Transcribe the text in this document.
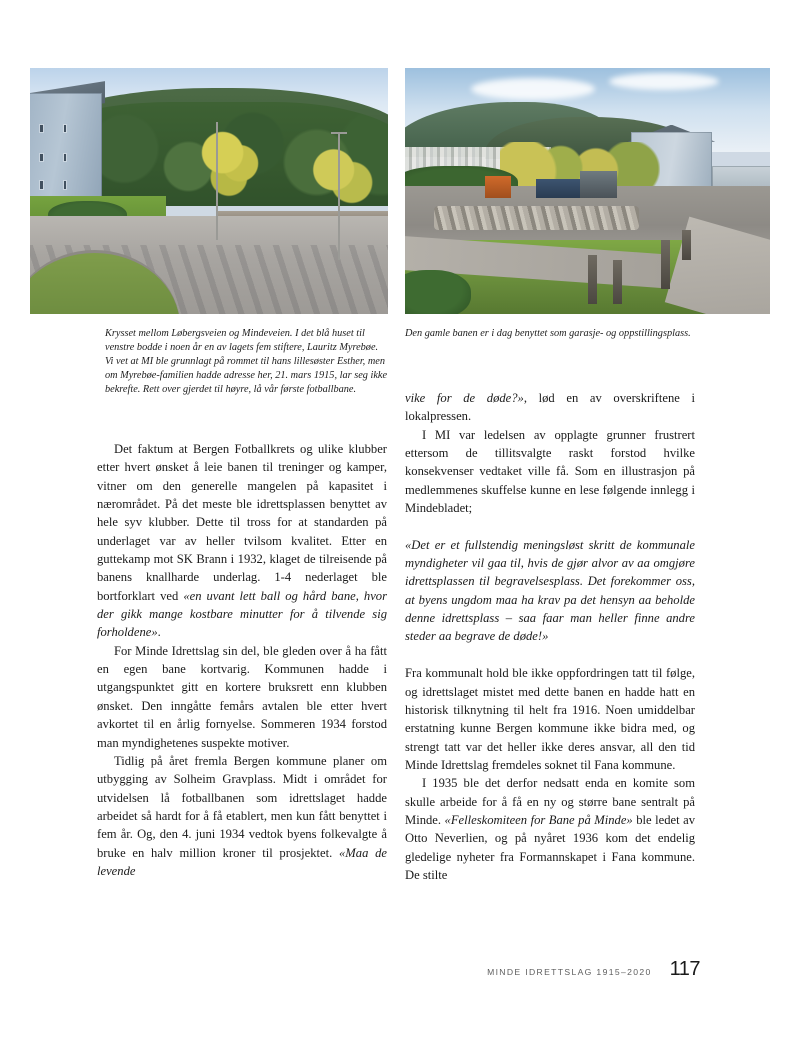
Krysset mellom Løbergsveien og Mindeveien. I det blå huset til venstre bodde i noen år en av lagets fem stiftere, Lauritz Myrebøe. Vi vet at MI ble grunnlagt på rommet til hans lillesøster Esther, men om Myrebøe-familien hadde adresse her, 21. mars 1915, lar seg ikke bekrefte. Rett over gjerdet til høyre, lå vår første fotballbane.
Den gamle banen er i dag benyttet som garasje- og oppstillingsplass.

Det faktum at Bergen Fotballkrets og ulike klubber etter hvert ønsket å leie banen til treninger og kamper, vitner om den generelle mangelen på kapasitet i nærområdet. På det meste ble idrettsplassen benyttet av hele syv klubber. Dette til tross for at standarden på underlaget var av heller tvilsom kvalitet. Etter en guttekamp mot SK Brann i 1932, klaget de tilreisende på banens knallharde underlag. 1-4 nederlaget ble bortforklart ved «en uvant lett ball og hård bane, hvor der gikk mange kostbare minutter for å tilvende sig forholdene».

For Minde Idrettslag sin del, ble gleden over å ha fått en egen bane kortvarig. Kommunen hadde i utgangspunktet gitt en kortere bruksrett enn klubben ønsket. Den inngåtte femårs avtalen ble etter hvert avkortet til en årlig fornyelse. Sommeren 1934 forstod man myndighetenes suspekte motiver.

Tidlig på året fremla Bergen kommune planer om utbygging av Solheim Gravplass. Midt i området for utvidelsen lå fotballbanen som idrettslaget hadde arbeidet så hardt for å få etablert, men kun fått benyttet i fem år. Og, den 4. juni 1934 vedtok byens folkevalgte å bruke en halv million kroner til prosjektet. «Maa de levende

vike for de døde?», lød en av overskriftene i lokalpressen.

I MI var ledelsen av opplagte grunner frustrert ettersom de tillitsvalgte raskt forstod hvilke konsekvenser vedtaket ville få. Som en illustrasjon på medlemmenes skuffelse kunne en lese følgende innlegg i Mindebladet;

«Det er et fullstendig meningsløst skritt de kommunale myndigheter vil gaa til, hvis de gjør alvor av aa omgjøre idrettsplassen til begravelsesplass. Det forekommer oss, at byens ungdom maa ha krav pa det hensyn aa beholde denne idrettsplass – saa faar man heller finne andre steder aa begrave de døde!»

Fra kommunalt hold ble ikke oppfordringen tatt til følge, og idrettslaget mistet med dette banen en hadde hatt en historisk tilknytning til helt fra 1916. Noen umiddelbar erstatning kunne Bergen kommune ikke bidra med, og strengt tatt var det heller ikke deres ansvar, all den tid Minde Idrettslag fremdeles soknet til Fana kommune.

I 1935 ble det derfor nedsatt enda en komite som skulle arbeide for å få en ny og større bane sentralt på Minde. «Felleskomiteen for Bane på Minde» ble ledet av Otto Neverlien, og på nyåret 1936 kom det endelig gledelige nyheter fra Formannskapet i Fana kommune. De stilte

MINDE IDRETTSLAG 1915–2020 117
